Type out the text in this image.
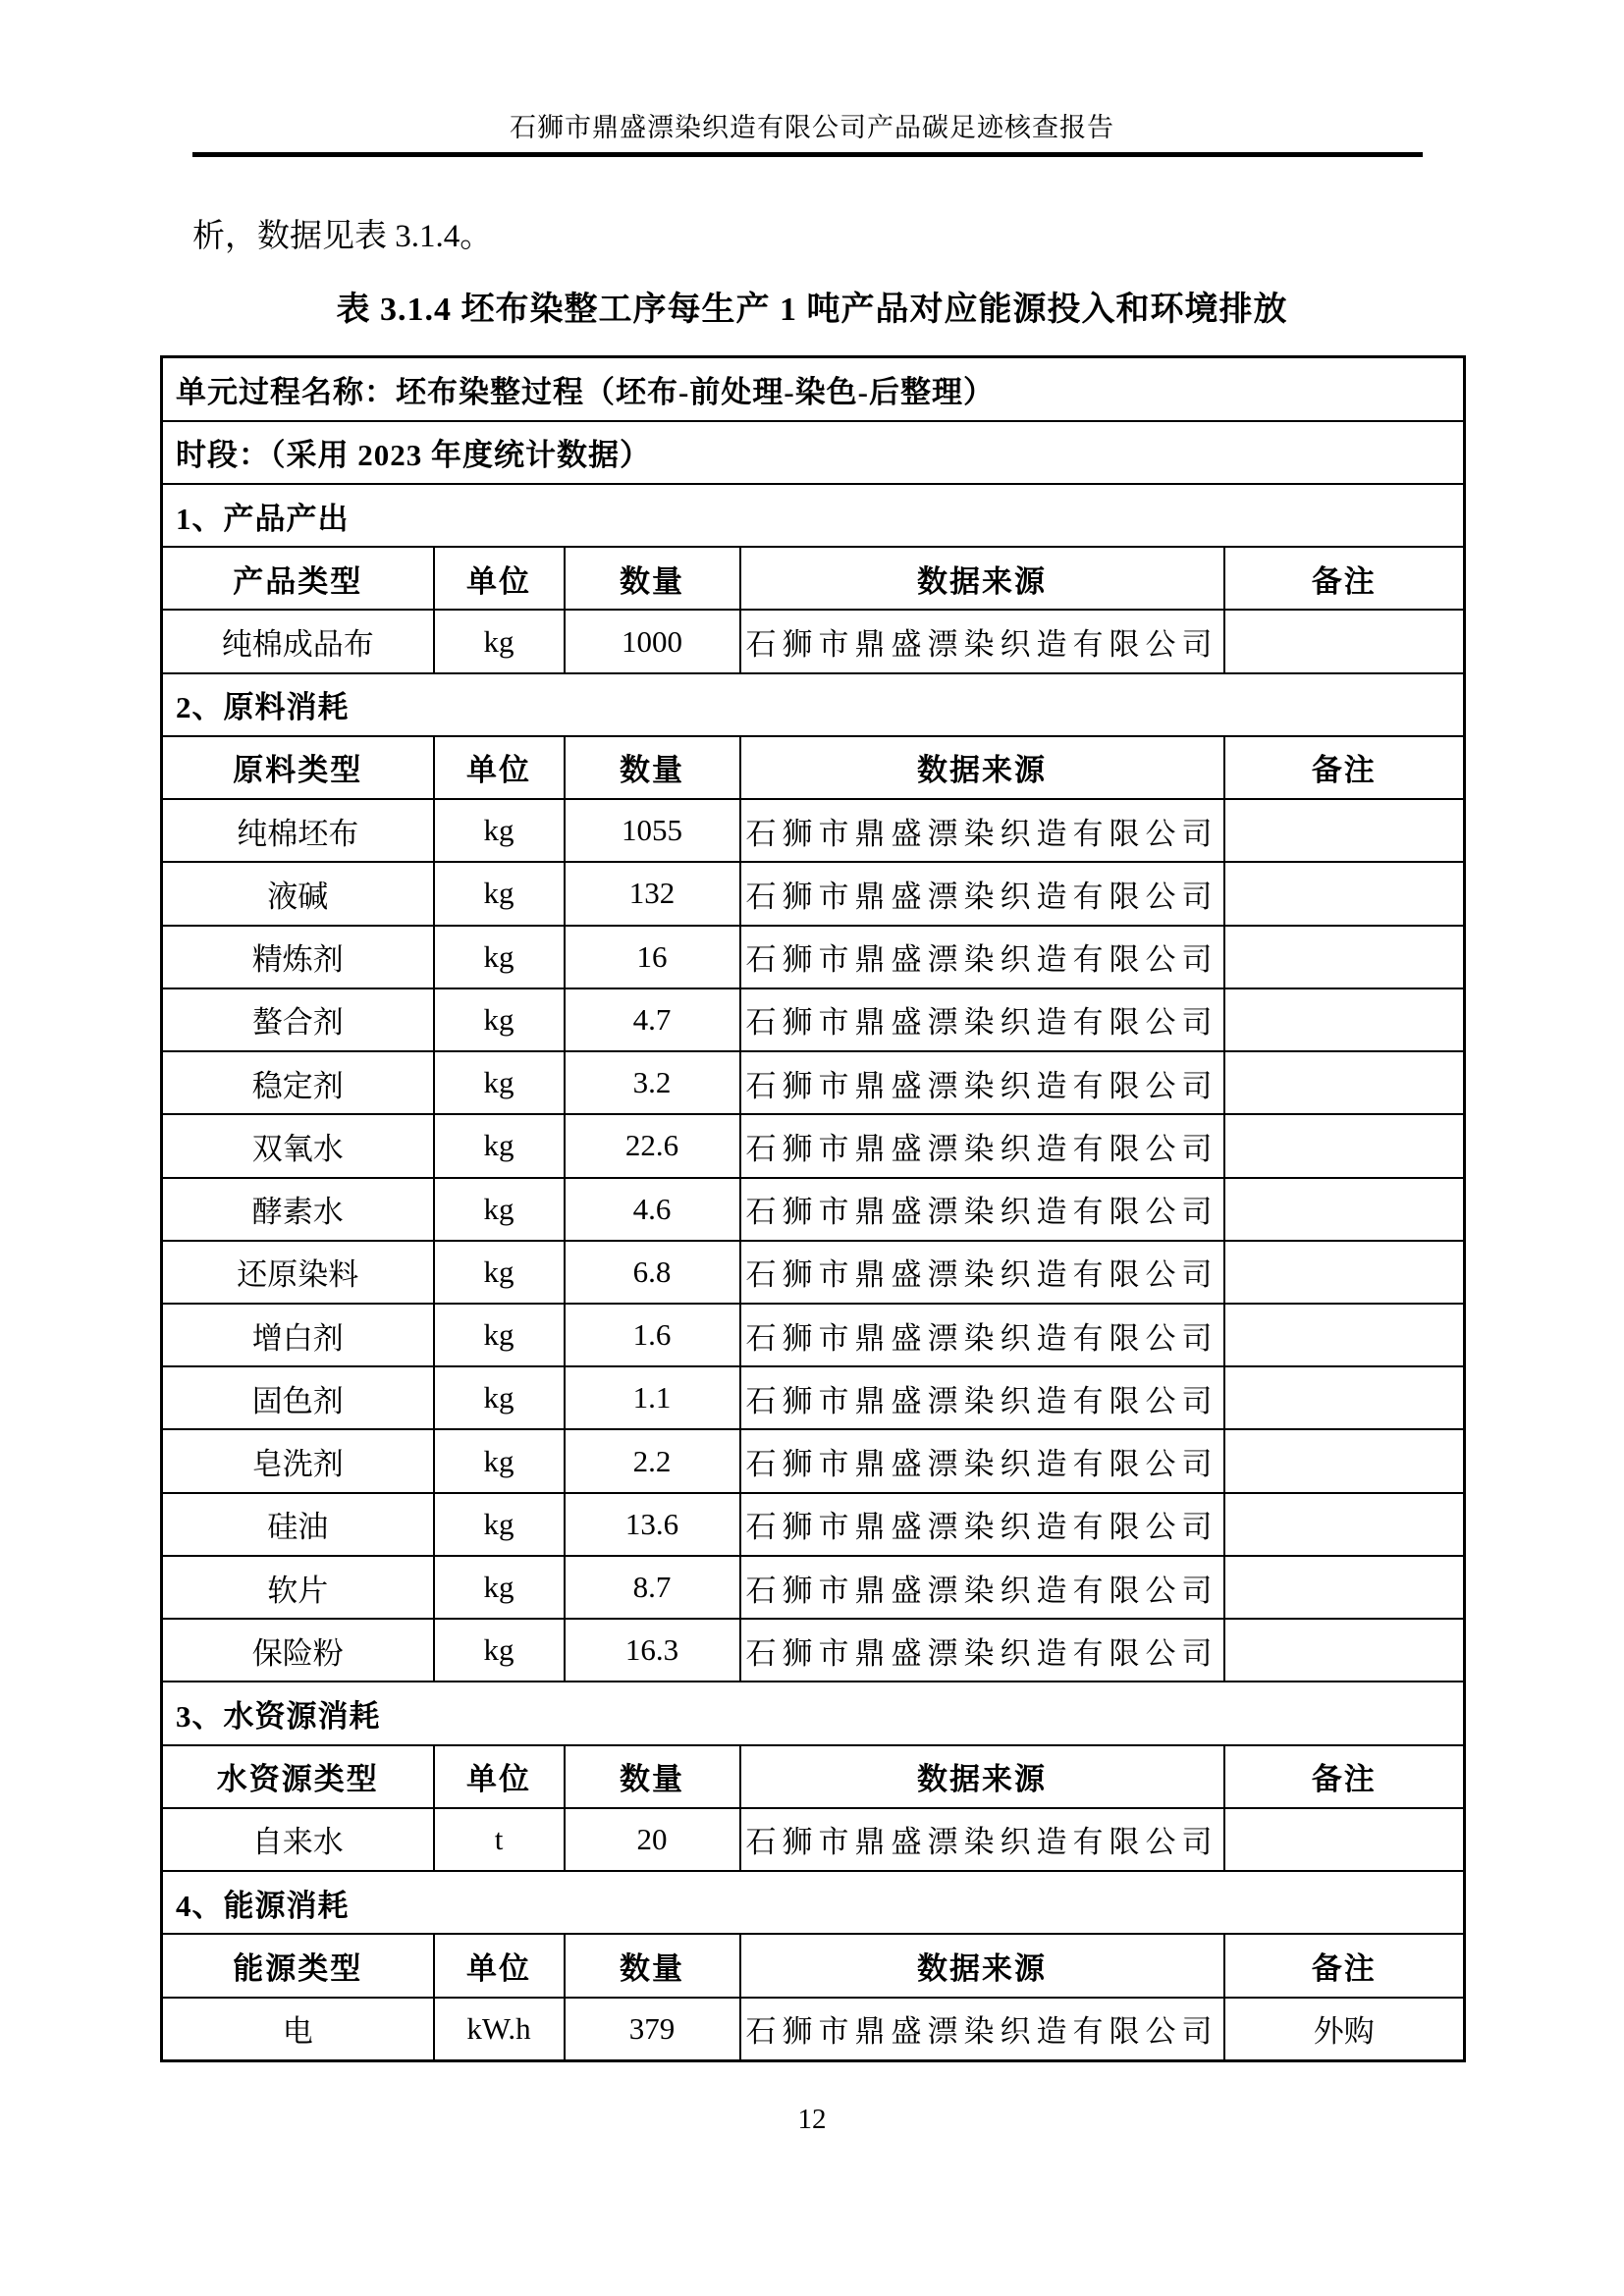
石狮市鼎盛漂染织造有限公司产品碳足迹核查报告
析，数据见表 3.1.4。
表 3.1.4 坯布染整工序每生产 1 吨产品对应能源投入和环境排放
单元过程名称：坯布染整过程（坯布-前处理-染色-后整理）				
时段：（采用 2023 年度统计数据）				
1、产品产出				
产品类型	单位	数量	数据来源	备注
纯棉成品布	kg	1000	石狮市鼎盛漂染织造有限公司	
2、原料消耗				
原料类型	单位	数量	数据来源	备注
纯棉坯布	kg	1055	石狮市鼎盛漂染织造有限公司	
液碱	kg	132	石狮市鼎盛漂染织造有限公司	
精炼剂	kg	16	石狮市鼎盛漂染织造有限公司	
螯合剂	kg	4.7	石狮市鼎盛漂染织造有限公司	
稳定剂	kg	3.2	石狮市鼎盛漂染织造有限公司	
双氧水	kg	22.6	石狮市鼎盛漂染织造有限公司	
酵素水	kg	4.6	石狮市鼎盛漂染织造有限公司	
还原染料	kg	6.8	石狮市鼎盛漂染织造有限公司	
增白剂	kg	1.6	石狮市鼎盛漂染织造有限公司	
固色剂	kg	1.1	石狮市鼎盛漂染织造有限公司	
皂洗剂	kg	2.2	石狮市鼎盛漂染织造有限公司	
硅油	kg	13.6	石狮市鼎盛漂染织造有限公司	
软片	kg	8.7	石狮市鼎盛漂染织造有限公司	
保险粉	kg	16.3	石狮市鼎盛漂染织造有限公司	
3、水资源消耗				
水资源类型	单位	数量	数据来源	备注
自来水	t	20	石狮市鼎盛漂染织造有限公司	
4、能源消耗				
能源类型	单位	数量	数据来源	备注
电	kW.h	379	石狮市鼎盛漂染织造有限公司	外购
12
